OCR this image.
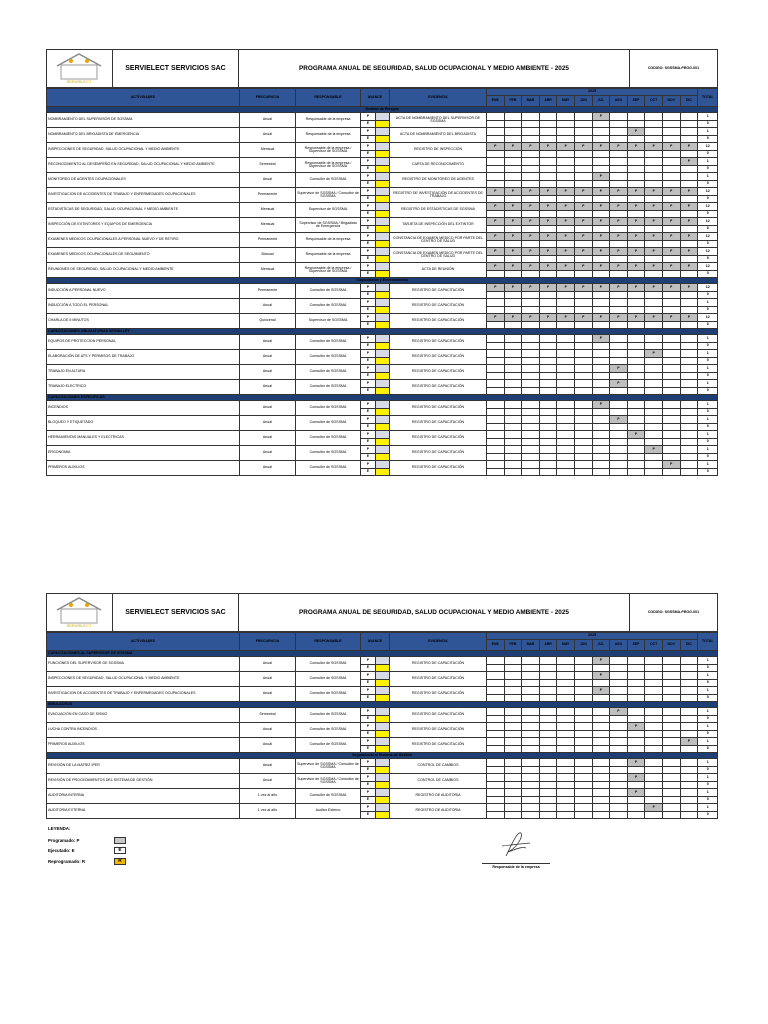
SERVIELECT
	SERVIELECT SERVICIOS SAC	PROGRAMA ANUAL DE SEGURIDAD, SALUD OCUPACIONAL Y MEDIO AMBIENTE - 2025	CODIGO: SGSSMA-PROG-001
ACTIVIDADES	FRECUENCIA	RESPONSABLE	AVANCE		EVIDENCIA	2025												TOTAL
						ENE	FEB	MAR	ABR	MAY	JUN	JUL	AGO	SEP	OCT	NOV	DIC	
Gestión de Riesgos																		
NOMBRAMIENTO DEL SUPERVISOR DE SGSSMA	Anual	Responsable de la empresa	P		ACTA DE NOMBRAMIENTO DEL SUPERVISOR DE SGSSMA							P						1
			E															0
NOMBRAMIENTO DEL BRIGADISTA DE EMERGENCIA	Anual	Responsable de la empresa	P		ACTA DE NOMBRAMIENTO DEL BRIGADISTA									P				1
			E															0
INSPECCIONES DE SEGURIDAD, SALUD OCUPACIONAL Y MEDIO AMBIENTE	Mensual	Responsable de la empresa / Supervisor de SGSSMA	P		REGISTRO DE INSPECCIÓN	P	P	P	P	P	P	P	P	P	P	P	P	12
			E															0
RECONOCIMIENTO AL DESEMPEÑO EN SEGURIDAD, SALUD OCUPACIONAL Y MEDIO AMBIENTE	Semestral	Responsable de la empresa / Supervisor de SGSSMA	P		CARTA DE RECONOCIMIENTO												P	1
			E															0
MONITOREO DE AGENTES OCUPACIONALES	Anual	Consultor de SGSSMA	P		REGISTRO DE MONITOREO DE AGENTES							P						1
			E															0
INVESTIGACION DE ACCIDENTES DE TRABAJO Y ENFERMEDADES OCUPACIONALES	Permanente	Supervisor de SGSSMA / Consultor de SGSSMA	P		REGISTRO DE INVESTIGACIÓN DE ACCIDENTES DE TRABAJO	P	P	P	P	P	P	P	P	P	P	P	P	12
			E															0
ESTADISTICAS DE SEGURIDAD, SALUD OCUPACIONAL Y MEDIO AMBIENTE	Mensual	Supervisor de SGSSMA	P		REGISTRO DE ESTADÍSTICAS DE SGSSMA	P	P	P	P	P	P	P	P	P	P	P	P	12
			E															0
INSPECCIÓN DE EXTINTORES Y EQUIPOS DE EMERGENCIA	Mensual	Supervisor de SGSSMA / Brigadista de Emergencia	P		TARJETA DE INSPECCIÓN DEL EXTINTOR	P	P	P	P	P	P	P	P	P	P	P	P	12
			E															0
EXAMENES MEDICOS OCUPACIONALES A PERSONAL NUEVO Y DE RETIRO	Permanente	Responsable de la empresa	P		CONSTANCIA DE EXAMEN MEDICO POR PARTE DEL CENTRO DE SALUD	P	P	P	P	P	P	P	P	P	P	P	P	12
			E															0
EXAMENES MEDICOS OCUPACIONALES DE SEGUIMIENTO	Bianual	Responsable de la empresa	P		CONSTANCIA DE EXAMEN MEDICO POR PARTE DEL CENTRO DE SALUD	P	P	P	P	P	P	P	P	P	P	P	P	12
			E															0
REUNIONES DE SEGURIDAD, SALUD OCUPACIONAL Y MEDIO AMBIENTE	Mensual	Responsable de la empresa / Supervisor de SGSSMA	P		ACTA DE REUNIÓN	P	P	P	P	P	P	P	P	P	P	P	P	12
			E															0
Capacitación y Entrenamiento																		
INDUCCIÓN A PERSONAL NUEVO	Permanente	Consultor de SGSSMA	P		REGISTRO DE CAPACITACIÓN	P	P	P	P	P	P	P	P	P	P	P	P	12
			E															0
INDUCCIÓN A TODO EL PERSONAL	Anual	Consultor de SGSSMA	P		REGISTRO DE CAPACITACIÓN													1
			E															0
CHARLA DE 5 MINUTOS	Quincenal	Supervisor de SGSSMA	P		REGISTRO DE CAPACITACIÓN	P	P	P	P	P	P	P	P	P	P	P	P	12
			E															0
CAPACITACIONES OBLIGATORIAS SEGUN LEY																		
EQUIPOS DE PROTECCION PERSONAL	Anual	Consultor de SGSSMA	P		REGISTRO DE CAPACITACIÓN							P						1
			E															0
ELABORACIÓN DE ATS Y PERMISOS DE TRABAJO	Anual	Consultor de SGSSMA	P		REGISTRO DE CAPACITACIÓN										P			1
			E															0
TRABAJO EN ALTURA	Anual	Consultor de SGSSMA	P		REGISTRO DE CAPACITACIÓN								P					1
			E															0
TRABAJO ELECTRICO	Anual	Consultor de SGSSMA	P		REGISTRO DE CAPACITACIÓN								P					1
			E															0
CAPACITACIONES ESPECIFICAS																		
INCENDIOS	Anual	Consultor de SGSSMA	P		REGISTRO DE CAPACITACIÓN							P						1
			E															0
BLOQUEO Y ETIQUETADO	Anual	Consultor de SGSSMA	P		REGISTRO DE CAPACITACIÓN								P					1
			E															0
HERRAMIENTAS MANUALES Y ELECTRICAS	Anual	Consultor de SGSSMA	P		REGISTRO DE CAPACITACIÓN									P				1
			E															0
ERGONOMIA	Anual	Consultor de SGSSMA	P		REGISTRO DE CAPACITACIÓN										P			1
			E															0
PRIMEROS AUXILIOS	Anual	Consultor de SGSSMA	P		REGISTRO DE CAPACITACIÓN											P		1
			E															0
SERVIELECT
	SERVIELECT SERVICIOS SAC	PROGRAMA ANUAL DE SEGURIDAD, SALUD OCUPACIONAL Y MEDIO AMBIENTE - 2025	CODIGO: SGSSMA-PROG-001
ACTIVIDADES	FRECUENCIA	RESPONSABLE	AVANCE		EVIDENCIA	2025												TOTAL
						ENE	FEB	MAR	ABR	MAY	JUN	JUL	AGO	SEP	OCT	NOV	DIC	
CAPACITACIONES AL SUPERVISOR DE SGSSMA																		
FUNCIONES DEL SUPERVISOR DE SGSSMA	Anual	Consultor de SGSSMA	P		REGISTRO DE CAPACITACIÓN							P						1
			E															0
INSPECCIONES DE SEGURIDAD, SALUD OCUPACIONAL Y MEDIO AMBIENTE	Anual	Consultor de SGSSMA	P		REGISTRO DE CAPACITACIÓN							P						1
			E															0
INVESTIGACION DE ACCIDENTES DE TRABAJO Y ENFERMEDADES OCUPACIONALES	Anual	Consultor de SGSSMA	P		REGISTRO DE CAPACITACIÓN							P						1
			E															0
SIMULACROS																		
EVACUACIÓN EN CASO DE SISMO	Semestral	Consultor de SGSSMA	P		REGISTRO DE CAPACITACIÓN								P					1
			E															0
LUCHA CONTRA INCENDIOS	Anual	Consultor de SGSSMA	P		REGISTRO DE CAPACITACIÓN									P				1
			E															0
PRIMEROS AUXILIOS	Anual	Consultor de SGSSMA	P		REGISTRO DE CAPACITACIÓN												P	1
			E															0
Seguimiento al Sistema de Gestión																		
REVISIÓN DE LA MATRIZ IPER	Anual	Supervisor de SGSSMA / Consultor de SGSSMA	P		CONTROL DE CAMBIOS									P				1
			E															0
REVISIÓN DE PROCEDIMIENTOS DEL SISTEMA DE GESTIÓN	Anual	Supervisor de SGSSMA / Consultor de SGSSMA	P		CONTROL DE CAMBIOS									P				1
			E															0
AUDITORIA INTERNA	1 vez al año	Consultor de SGSSMA	P		REGISTRO DE AUDITORIA									P				1
			E															0
AUDITORIA EXTERNA	1 vez al año	Auditor Externo	P		REGISTRO DE AUDITORIA										P			1
			E															0
LEYENDA:
Programado: P
Ejecutado: E	E
Reprogramado: R	R
Responsable de la empresa
